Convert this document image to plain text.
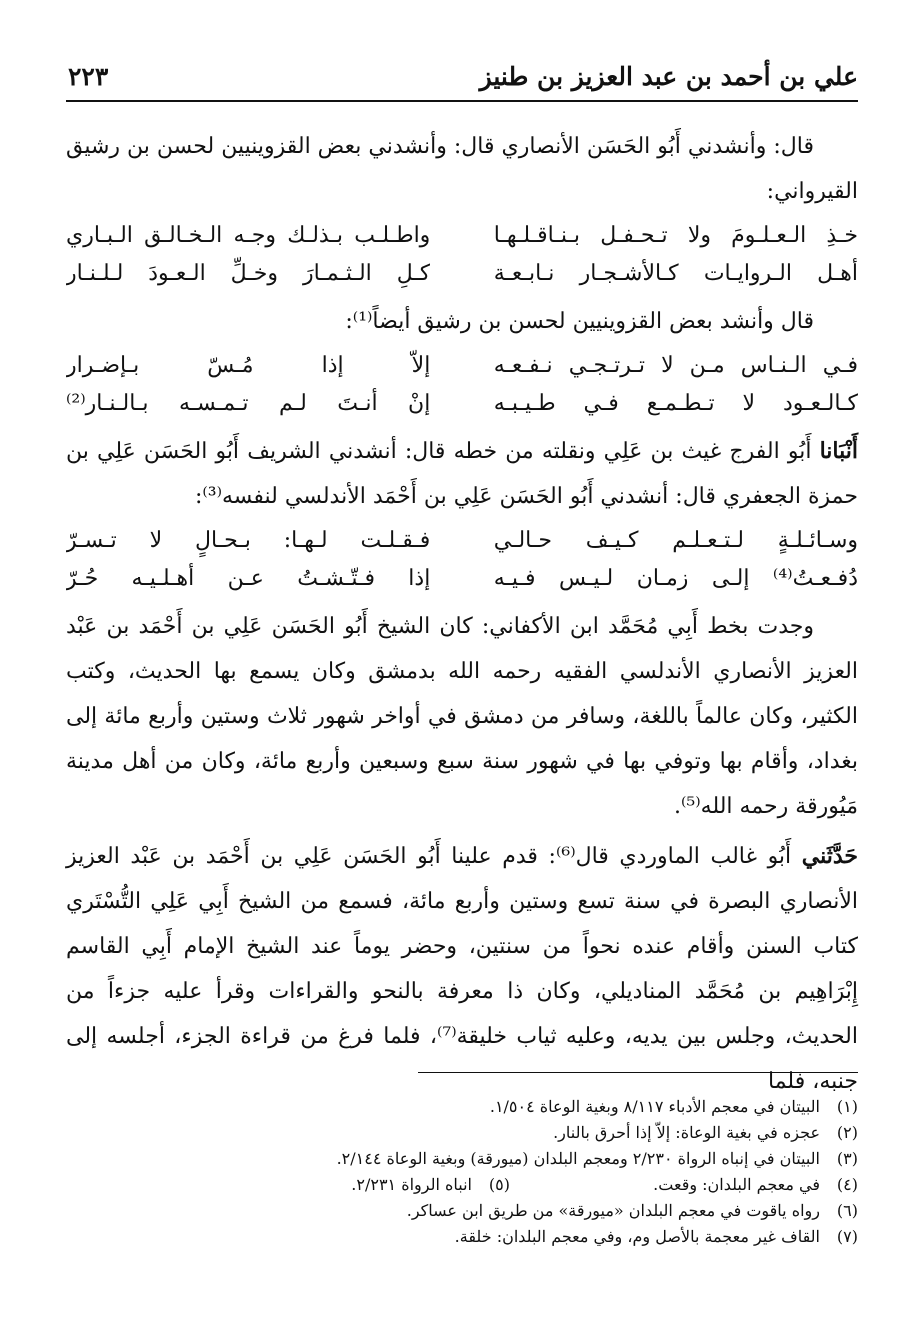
علي بن أحمد بن عبد العزيز بن طنيز
٢٢٣

قال: وأنشدني أَبُو الحَسَن الأنصاري قال: وأنشدني بعض القزوينيين لحسن بن رشيق القيرواني:

خـذِ الـعـلـومَ ولا تـحـفـل بـنـاقـلـهـا
واطـلـب بـذلـك وجـه الـخـالـق الـبـاري
أهـل الـروايـات كـالأشـجـار نـابـعـة
كـلِ الـثـمـارَ وخـلِّ الـعـودَ لـلـنـار

قال وأنشد بعض القزوينيين لحسن بن رشيق أيضاً⁽¹⁾:

فـي الـنـاس مـن لا تـرتـجـي نـفـعـه
إلاّ إذا مُـسّ بـإضـرار
كـالـعـود لا تـطـمـع فـي طـيـبـه
إنْ أنـتَ لـم تـمـسـه بـالـنـار⁽²⁾

أَنْبَانا أَبُو الفرج غيث بن عَلِي ونقلته من خطه قال: أنشدني الشريف أَبُو الحَسَن عَلِي بن حمزة الجعفري قال: أنشدني أَبُو الحَسَن عَلِي بن أَحْمَد الأندلسي لنفسه⁽³⁾:

وسـائـلـةٍ لـتـعـلـم كـيـف حـالـي
فـقـلـت لـهـا: بـحـالٍ لا تـسـرّ
دُفـعـتُ⁽⁴⁾ إلـى زمـان لـيـس فـيـه
إذا فـتّـشـتُ عـن أهـلـيـه حُـرّ

وجدت بخط أَبِي مُحَمَّد ابن الأكفاني: كان الشيخ أَبُو الحَسَن عَلِي بن أَحْمَد بن عَبْد العزيز الأنصاري الأندلسي الفقيه رحمه الله بدمشق وكان يسمع بها الحديث، وكتب الكثير، وكان عالماً باللغة، وسافر من دمشق في أواخر شهور ثلاث وستين وأربع مائة إلى بغداد، وأقام بها وتوفي بها في شهور سنة سبع وسبعين وأربع مائة، وكان من أهل مدينة مَيُورقة رحمه الله⁽⁵⁾.

حَدَّثَني أَبُو غالب الماوردي قال⁽⁶⁾: قدم علينا أَبُو الحَسَن عَلِي بن أَحْمَد بن عَبْد العزيز الأنصاري البصرة في سنة تسع وستين وأربع مائة، فسمع من الشيخ أَبِي عَلِي التُّسْتَري كتاب السنن وأقام عنده نحواً من سنتين، وحضر يوماً عند الشيخ الإمام أَبِي القاسم إِبْرَاهِيم بن مُحَمَّد المناديلي، وكان ذا معرفة بالنحو والقراءات وقرأ عليه جزءاً من الحديث، وجلس بين يديه، وعليه ثياب خليقة⁽⁷⁾، فلما فرغ من قراءة الجزء، أجلسه إلى جنبه، فلما

(١)البيتان في معجم الأدباء ٨/١١٧ وبغية الوعاة ١/٥٠٤.
(٢)عجزه في بغية الوعاة: إلاّ إذا أحرق بالنار.
(٣)البيتان في إنباه الرواة ٢/٢٣٠ ومعجم البلدان (ميورقة) وبغية الوعاة ٢/١٤٤.
(٤)في معجم البلدان: وقعت.(٥)انباه الرواة ٢/٢٣١.
(٦)رواه ياقوت في معجم البلدان «ميورقة» من طريق ابن عساكر.
(٧)القاف غير معجمة بالأصل وم، وفي معجم البلدان: خلقة.
